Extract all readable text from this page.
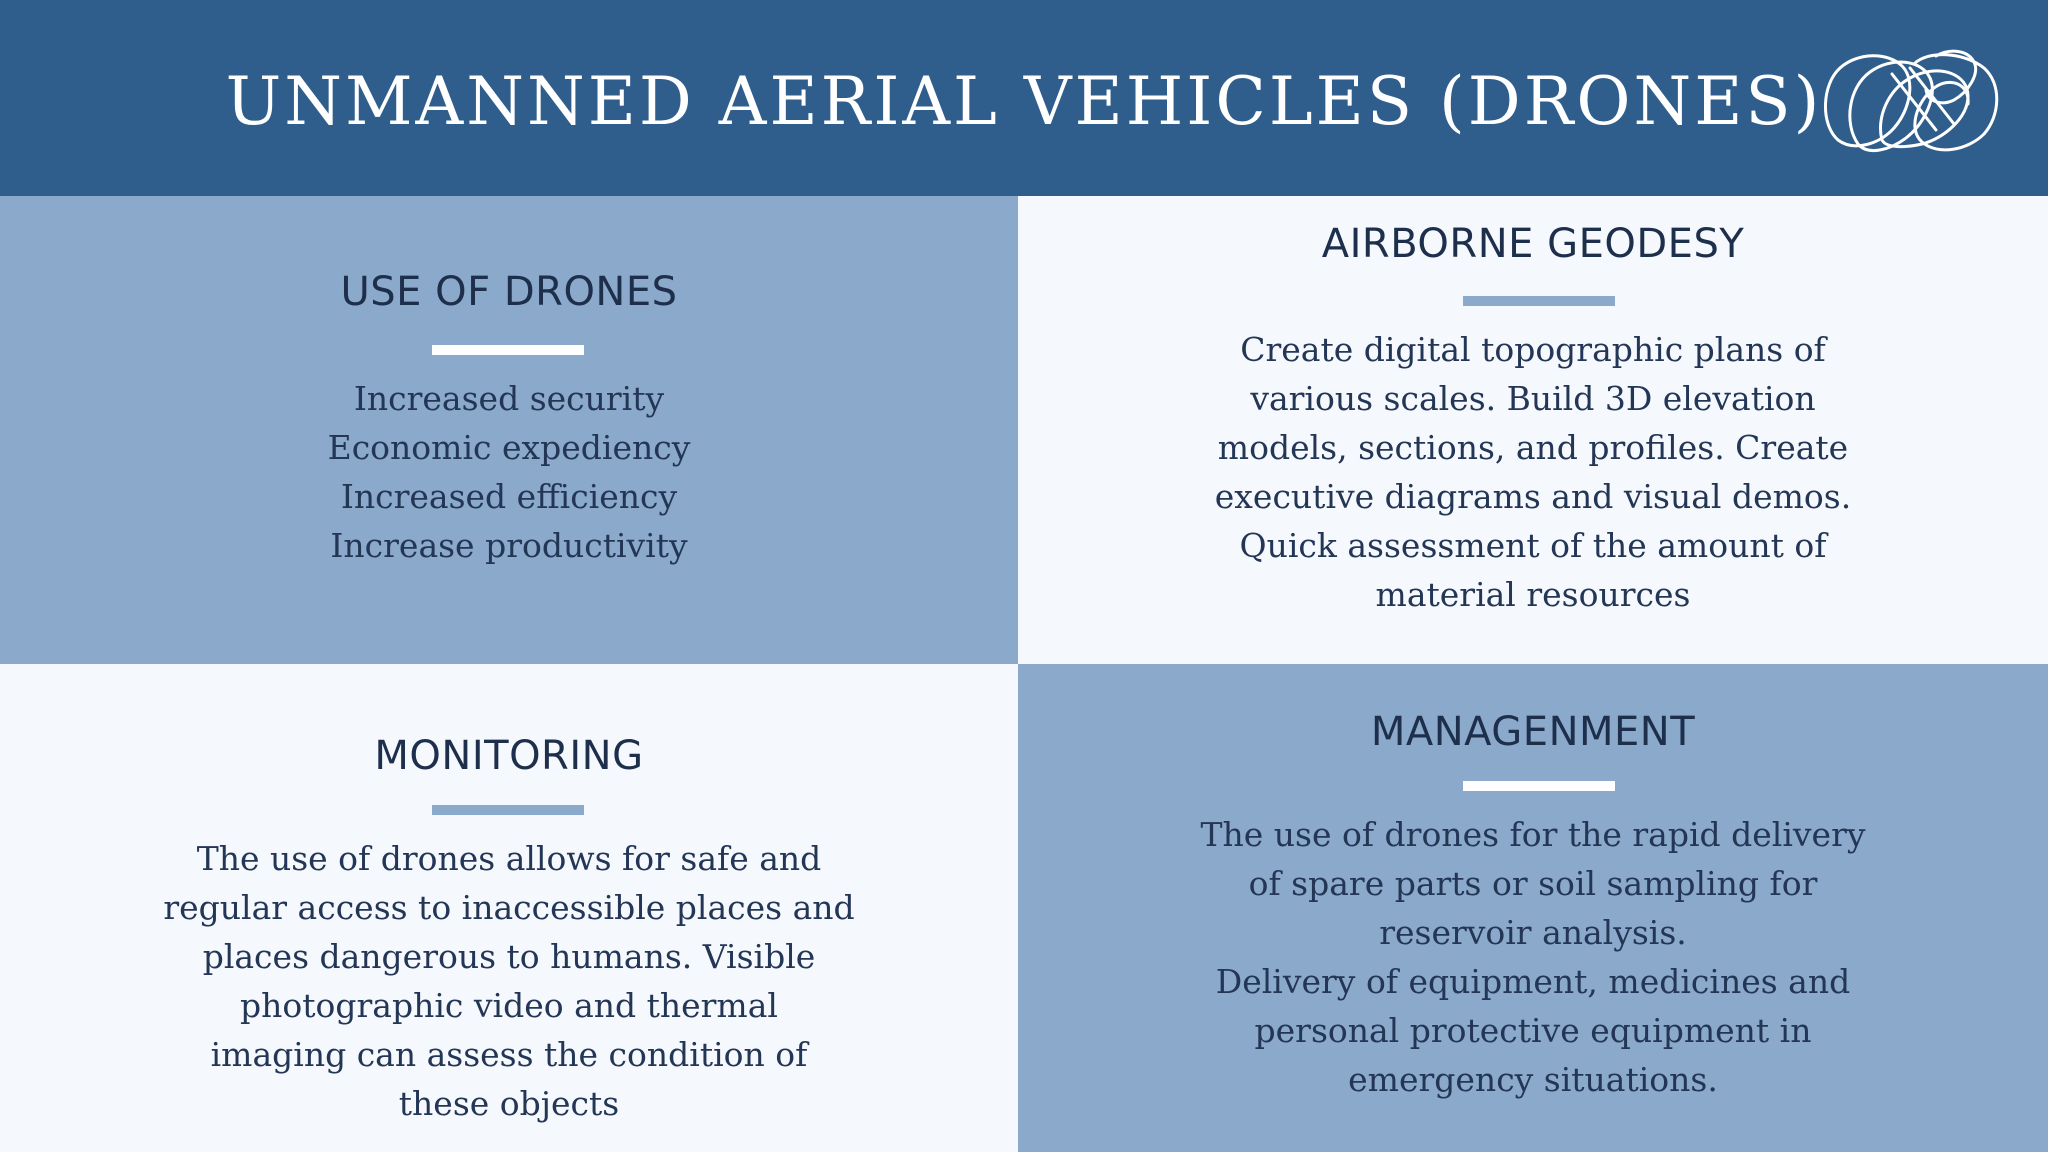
UNMANNED AERIAL VEHICLES (DRONES)
USE OF DRONES
Increased security
Economic expediency
Increased efficiency
Increase productivity
AIRBORNE GEODESY
Create digital topographic plans of
various scales. Build 3D elevation
models, sections, and profiles. Create
executive diagrams and visual demos.
Quick assessment of the amount of
material resources
MONITORING
The use of drones allows for safe and
regular access to inaccessible places and
places dangerous to humans. Visible
photographic video and thermal
imaging can assess the condition of
these objects
MANAGENMENT
The use of drones for the rapid delivery
of spare parts or soil sampling for
reservoir analysis.
Delivery of equipment, medicines and
personal protective equipment in
emergency situations.
